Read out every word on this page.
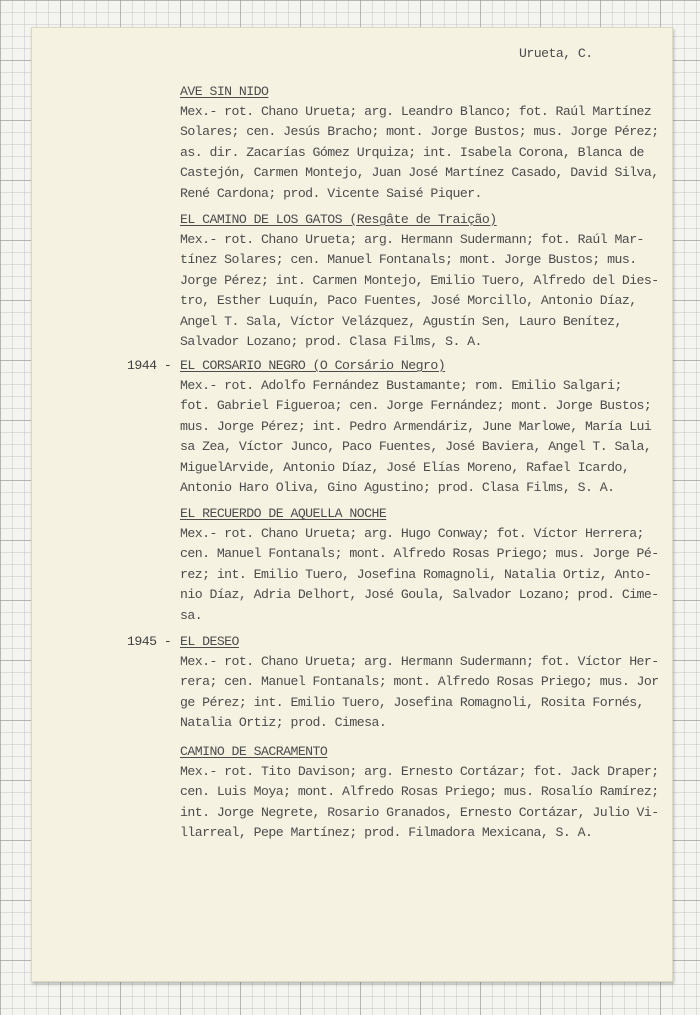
Urueta, C.
AVE SIN NIDO
Mex.- rot. Chano Urueta; arg. Leandro Blanco; fot. Raúl Martínez
Solares; cen. Jesús Bracho; mont. Jorge Bustos; mus. Jorge Pérez;
as. dir. Zacarías Gómez Urquiza; int. Isabela Corona, Blanca de
Castejón, Carmen Montejo, Juan José Martínez Casado, David Silva,
René Cardona; prod. Vicente Saisé Piquer.
EL CAMINO DE LOS GATOS (Resgâte de Traição)
Mex.- rot. Chano Urueta; arg. Hermann Sudermann; fot. Raúl Mar-
tínez Solares; cen. Manuel Fontanals; mont. Jorge Bustos; mus.
Jorge Pérez; int. Carmen Montejo, Emilio Tuero, Alfredo del Dies-
tro, Esther Luquín, Paco Fuentes, José Morcillo, Antonio Díaz,
Angel T. Sala, Víctor Velázquez, Agustín Sen, Lauro Benítez,
Salvador Lozano; prod. Clasa Films, S. A.
1944 - EL CORSARIO NEGRO (O Corsário Negro)
Mex.- rot. Adolfo Fernández Bustamante; rom. Emilio Salgari;
fot. Gabriel Figueroa; cen. Jorge Fernández; mont. Jorge Bustos;
mus. Jorge Pérez; int. Pedro Armendáriz, June Marlowe, María Lui
sa Zea, Víctor Junco, Paco Fuentes, José Baviera, Angel T. Sala,
MiguelArvide, Antonio Díaz, José Elías Moreno, Rafael Icardo,
Antonio Haro Oliva, Gino Agustino; prod. Clasa Films, S. A.
EL RECUERDO DE AQUELLA NOCHE
Mex.- rot. Chano Urueta; arg. Hugo Conway; fot. Víctor Herrera;
cen. Manuel Fontanals; mont. Alfredo Rosas Priego; mus. Jorge Pé-
rez; int. Emilio Tuero, Josefina Romagnoli, Natalia Ortiz, Anto-
nio Díaz, Adria Delhort, José Goula, Salvador Lozano; prod. Cime-
sa.
1945 - EL DESEO
Mex.- rot. Chano Urueta; arg. Hermann Sudermann; fot. Víctor Her-
rera; cen. Manuel Fontanals; mont. Alfredo Rosas Priego; mus. Jor
ge Pérez; int. Emilio Tuero, Josefina Romagnoli, Rosita Fornés,
Natalia Ortiz; prod. Cimesa.
CAMINO DE SACRAMENTO
Mex.- rot. Tito Davison; arg. Ernesto Cortázar; fot. Jack Draper;
cen. Luis Moya; mont. Alfredo Rosas Priego; mus. Rosalío Ramírez;
int. Jorge Negrete, Rosario Granados, Ernesto Cortázar, Julio Vi-
llarreal, Pepe Martínez; prod. Filmadora Mexicana, S. A.
